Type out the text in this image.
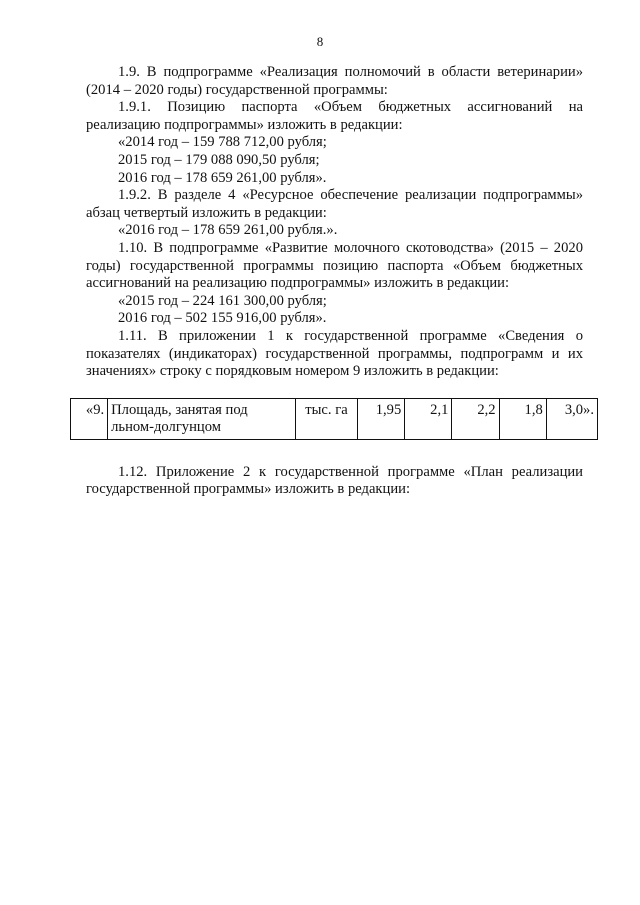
8

1.9. В подпрограмме «Реализация полномочий в области ветеринарии» (2014 – 2020 годы) государственной программы:

1.9.1. Позицию паспорта «Объем бюджетных ассигнований на реализацию подпрограммы» изложить в редакции:

«2014 год – 159 788 712,00 рубля;

2015 год – 179 088 090,50 рубля;

2016 год – 178 659 261,00 рубля».

1.9.2. В разделе 4 «Ресурсное обеспечение реализации подпрограммы» абзац четвертый изложить в редакции:

«2016 год – 178 659 261,00 рубля.».

1.10. В подпрограмме «Развитие молочного скотоводства» (2015 – 2020 годы) государственной программы позицию паспорта «Объем бюджетных ассигнований на реализацию подпрограммы» изложить в редакции:

«2015 год – 224 161 300,00 рубля;

2016 год – 502 155 916,00 рубля».

1.11. В приложении 1 к государственной программе «Сведения о показателях (индикаторах) государственной программы, подпрограмм и их значениях» строку с порядковым номером 9 изложить в редакции:

«9.	Площадь, занятая под льном-долгунцом	тыс. га	1,95	2,1	2,2	1,8	3,0».

1.12. Приложение 2 к государственной программе «План реализации государственной программы» изложить в редакции:
